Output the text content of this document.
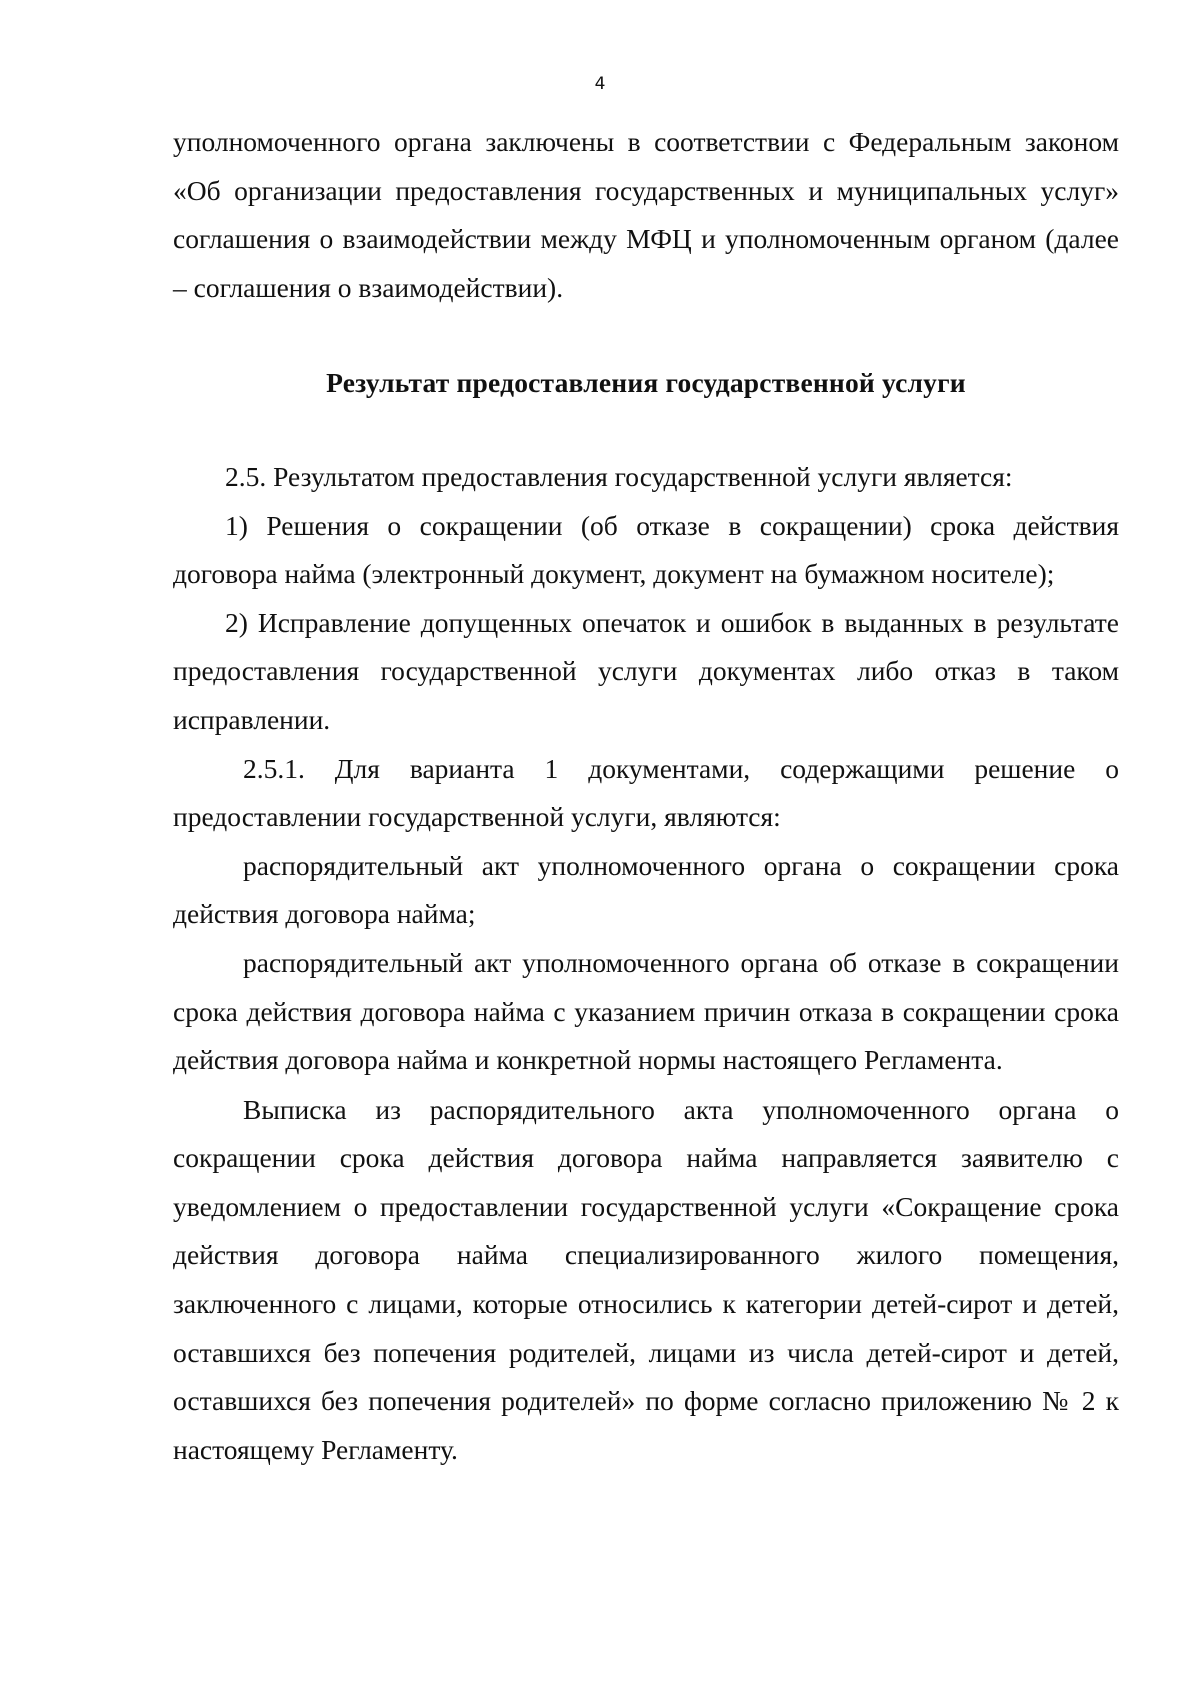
4

уполномоченного органа заключены в соответствии с Федеральным законом «Об организации предоставления государственных и муниципальных услуг» соглашения о взаимодействии между МФЦ и уполномоченным органом (далее – соглашения о взаимодействии).

Результат предоставления государственной услуги

2.5. Результатом предоставления государственной услуги является:

1) Решения о сокращении (об отказе в сокращении) срока действия договора найма (электронный документ, документ на бумажном носителе);

2) Исправление допущенных опечаток и ошибок в выданных в результате предоставления государственной услуги документах либо отказ в таком исправлении.

2.5.1. Для варианта 1 документами, содержащими решение о предоставлении государственной услуги, являются:

распорядительный акт уполномоченного органа о сокращении срока действия договора найма;

распорядительный акт уполномоченного органа об отказе в сокращении срока действия договора найма с указанием причин отказа в сокращении срока действия договора найма и конкретной нормы настоящего Регламента.

Выписка из распорядительного акта уполномоченного органа о сокращении срока действия договора найма направляется заявителю с уведомлением о предоставлении государственной услуги «Сокращение срока действия договора найма специализированного жилого помещения, заключенного с лицами, которые относились к категории детей-сирот и детей, оставшихся без попечения родителей, лицами из числа детей-сирот и детей, оставшихся без попечения родителей» по форме согласно приложению № 2 к настоящему Регламенту.
